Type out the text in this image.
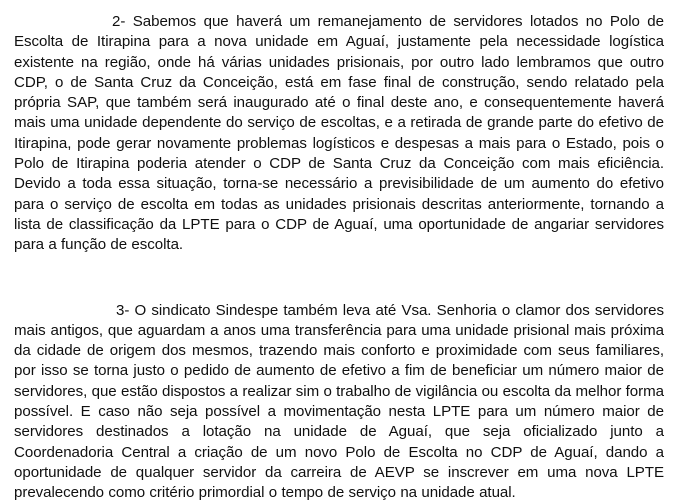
2- Sabemos que haverá um remanejamento de servidores lotados no Polo de Escolta de Itirapina para a nova unidade em Aguaí, justamente pela necessidade logística existente na região, onde há várias unidades prisionais, por outro lado lembramos que outro CDP, o de Santa Cruz da Conceição, está em fase final de construção, sendo relatado pela própria SAP, que também será inaugurado até o final deste ano, e consequentemente haverá mais uma unidade dependente do serviço de escoltas, e a retirada de grande parte do efetivo de Itirapina, pode gerar novamente problemas logísticos e despesas a mais para o Estado, pois o Polo de Itirapina poderia atender o CDP de Santa Cruz da Conceição com mais eficiência. Devido a toda essa situação, torna-se necessário a previsibilidade de um aumento do efetivo para o serviço de escolta em todas as unidades prisionais descritas anteriormente, tornando a lista de classificação da LPTE para o CDP de Aguaí, uma oportunidade de angariar servidores para a função de escolta.

3- O sindicato Sindespe também leva até Vsa. Senhoria o clamor dos servidores mais antigos, que aguardam a anos uma transferência para uma unidade prisional mais próxima da cidade de origem dos mesmos, trazendo mais conforto e proximidade com seus familiares, por isso se torna justo o pedido de aumento de efetivo a fim de beneficiar um número maior de servidores, que estão dispostos a realizar sim o trabalho de vigilância ou escolta da melhor forma possível. E caso não seja possível a movimentação nesta LPTE para um número maior de servidores destinados a lotação na unidade de Aguaí, que seja oficializado junto a Coordenadoria Central a criação de um novo Polo de Escolta no CDP de Aguaí, dando a oportunidade de qualquer servidor da carreira de AEVP se inscrever em uma nova LPTE prevalecendo como critério primordial o tempo de serviço na unidade atual.
